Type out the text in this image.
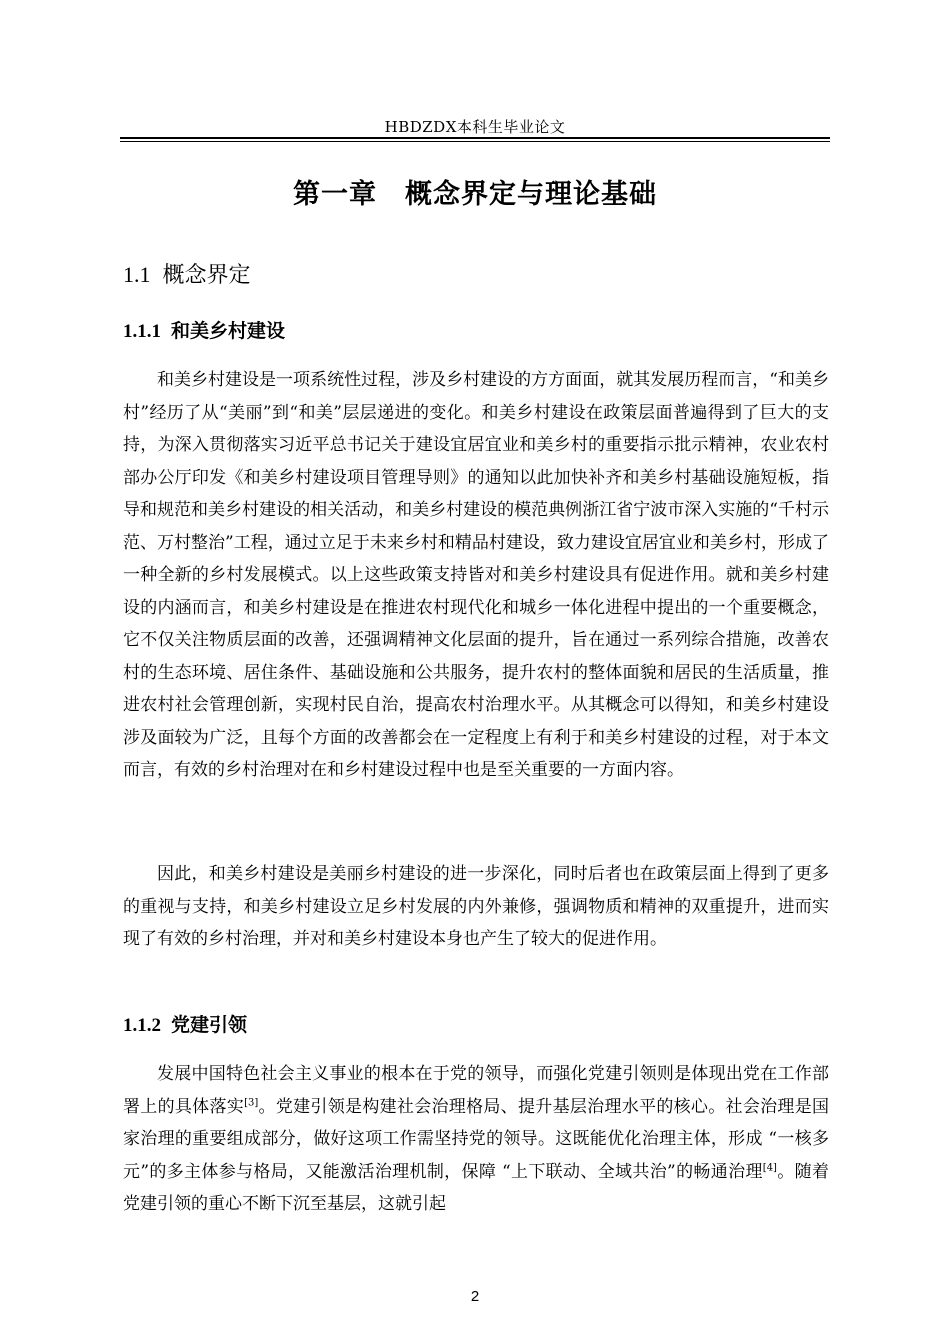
HBDZDX本科生毕业论文
第一章　概念界定与理论基础
1.1 概念界定
1.1.1 和美乡村建设

和美乡村建设是一项系统性过程，涉及乡村建设的方方面面，就其发展历程而言，“和美乡村”经历了从“美丽”到“和美”层层递进的变化。和美乡村建设在政策层面普遍得到了巨大的支持，为深入贯彻落实习近平总书记关于建设宜居宜业和美乡村的重要指示批示精神，农业农村部办公厅印发《和美乡村建设项目管理导则》的通知以此加快补齐和美乡村基础设施短板，指导和规范和美乡村建设的相关活动，和美乡村建设的模范典例浙江省宁波市深入实施的“千村示范、万村整治”工程，通过立足于未来乡村和精品村建设，致力建设宜居宜业和美乡村，形成了一种全新的乡村发展模式。以上这些政策支持皆对和美乡村建设具有促进作用。就和美乡村建设的内涵而言，和美乡村建设是在推进农村现代化和城乡一体化进程中提出的一个重要概念，它不仅关注物质层面的改善，还强调精神文化层面的提升，旨在通过一系列综合措施，改善农村的生态环境、居住条件、基础设施和公共服务，提升农村的整体面貌和居民的生活质量，推进农村社会管理创新，实现村民自治，提高农村治理水平。从其概念可以得知，和美乡村建设涉及面较为广泛，且每个方面的改善都会在一定程度上有利于和美乡村建设的过程，对于本文而言，有效的乡村治理对在和乡村建设过程中也是至关重要的一方面内容。

因此，和美乡村建设是美丽乡村建设的进一步深化，同时后者也在政策层面上得到了更多的重视与支持，和美乡村建设立足乡村发展的内外兼修，强调物质和精神的双重提升，进而实现了有效的乡村治理，并对和美乡村建设本身也产生了较大的促进作用。

1.1.2 党建引领

发展中国特色社会主义事业的根本在于党的领导，而强化党建引领则是体现出党在工作部署上的具体落实[3]。党建引领是构建社会治理格局、提升基层治理水平的核心。社会治理是国家治理的重要组成部分，做好这项工作需坚持党的领导。这既能优化治理主体，形成 “一核多元”的多主体参与格局，又能激活治理机制，保障 “上下联动、全域共治”的畅通治理[4]。随着党建引领的重心不断下沉至基层，这就引起

2
